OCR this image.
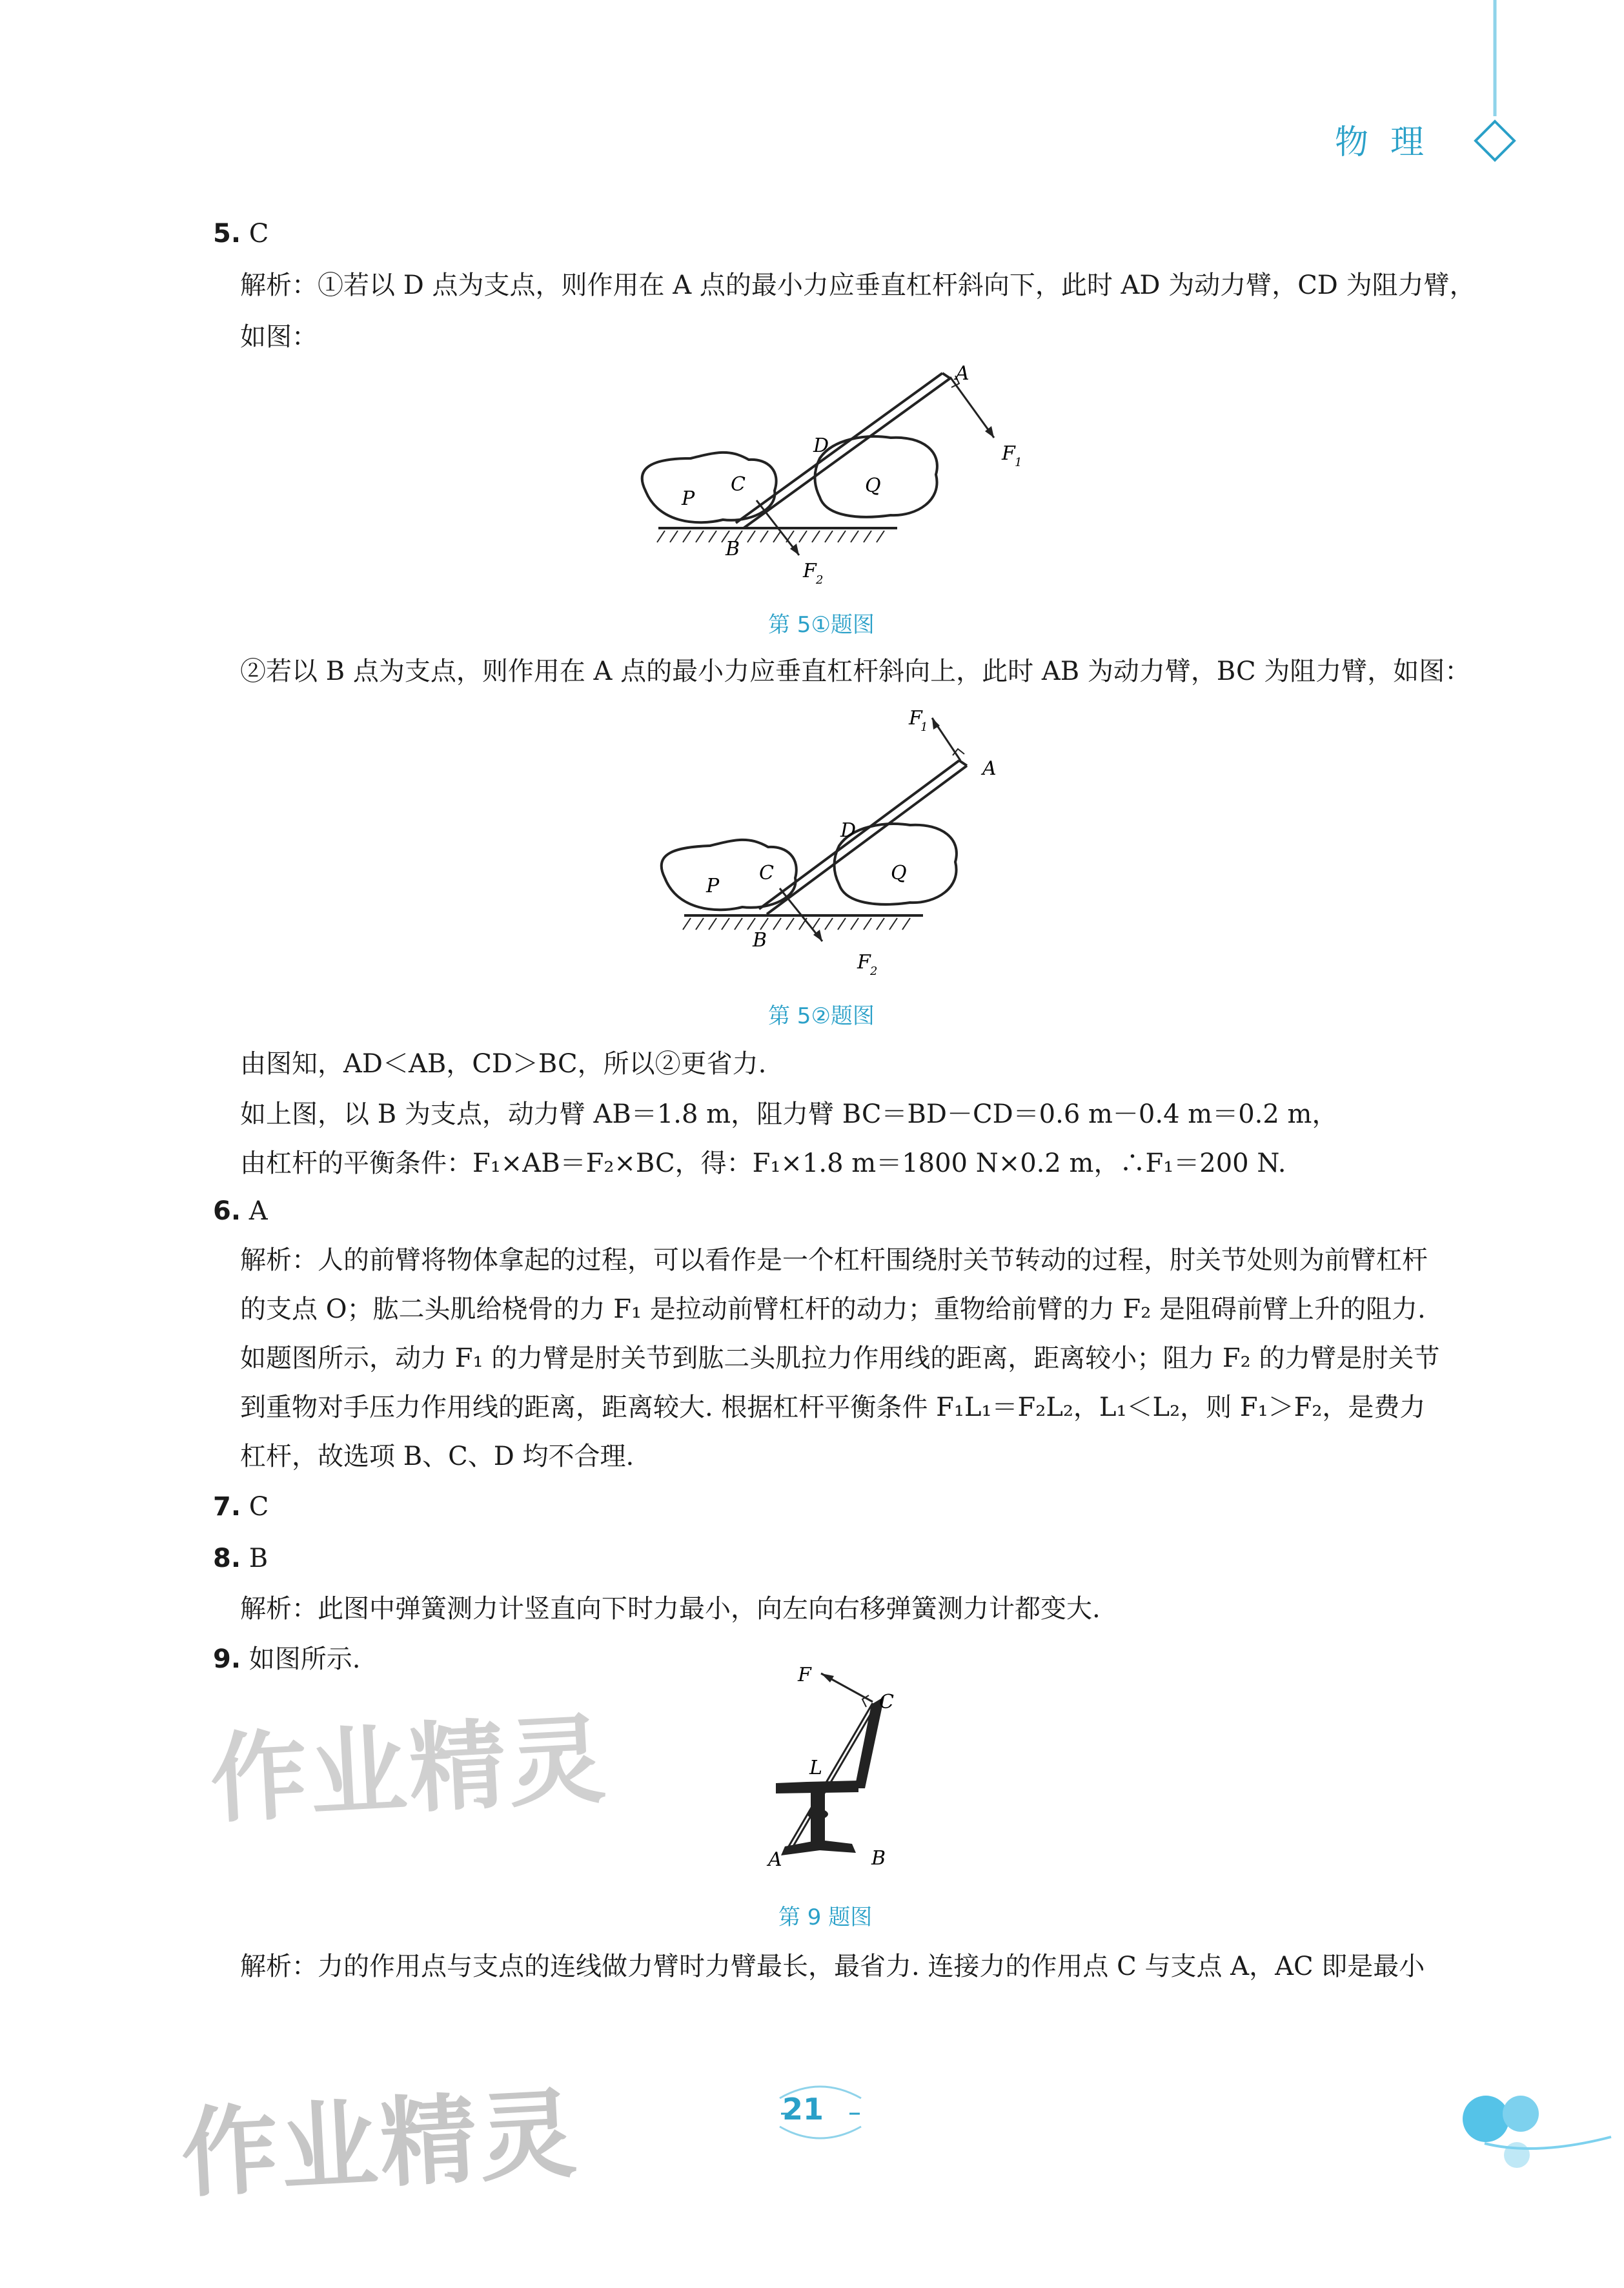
物理
作业精灵
作业精灵
5. C
解析：①若以 D 点为支点，则作用在 A 点的最小力应垂直杠杆斜向下，此时 AD 为动力臂，CD 为阻力臂，
如图：
A
D
C
P
Q
B
F 1
F 2
第 5①题图
②若以 B 点为支点，则作用在 A 点的最小力应垂直杠杆斜向上，此时 AB 为动力臂，BC 为阻力臂，如图：
F
1
A
D
C
P
Q
B
F 2
第 5②题图
由图知，AD＜AB，CD＞BC，所以②更省力.
如上图，以 B 为支点，动力臂 AB＝1.8 m，阻力臂 BC＝BD－CD＝0.6 m－0.4 m＝0.2 m，
由杠杆的平衡条件：F₁×AB＝F₂×BC，得：F₁×1.8 m＝1800 N×0.2 m，∴F₁＝200 N.
6. A
解析：人的前臂将物体拿起的过程，可以看作是一个杠杆围绕肘关节转动的过程，肘关节处则为前臂杠杆
的支点 O；肱二头肌给桡骨的力 F₁ 是拉动前臂杠杆的动力；重物给前臂的力 F₂ 是阻碍前臂上升的阻力.
如题图所示，动力 F₁ 的力臂是肘关节到肱二头肌拉力作用线的距离，距离较小；阻力 F₂ 的力臂是肘关节
到重物对手压力作用线的距离，距离较大. 根据杠杆平衡条件 F₁L₁＝F₂L₂，L₁＜L₂，则 F₁＞F₂，是费力
杠杆，故选项 B、C、D 均不合理.
7. C
8. B
解析：此图中弹簧测力计竖直向下时力最小，向左向右移弹簧测力计都变大.
9. 如图所示.
F
C
L
A	B
第 9 题图
解析：力的作用点与支点的连线做力臂时力臂最长，最省力. 连接力的作用点 C 与支点 A，AC 即是最小
21
